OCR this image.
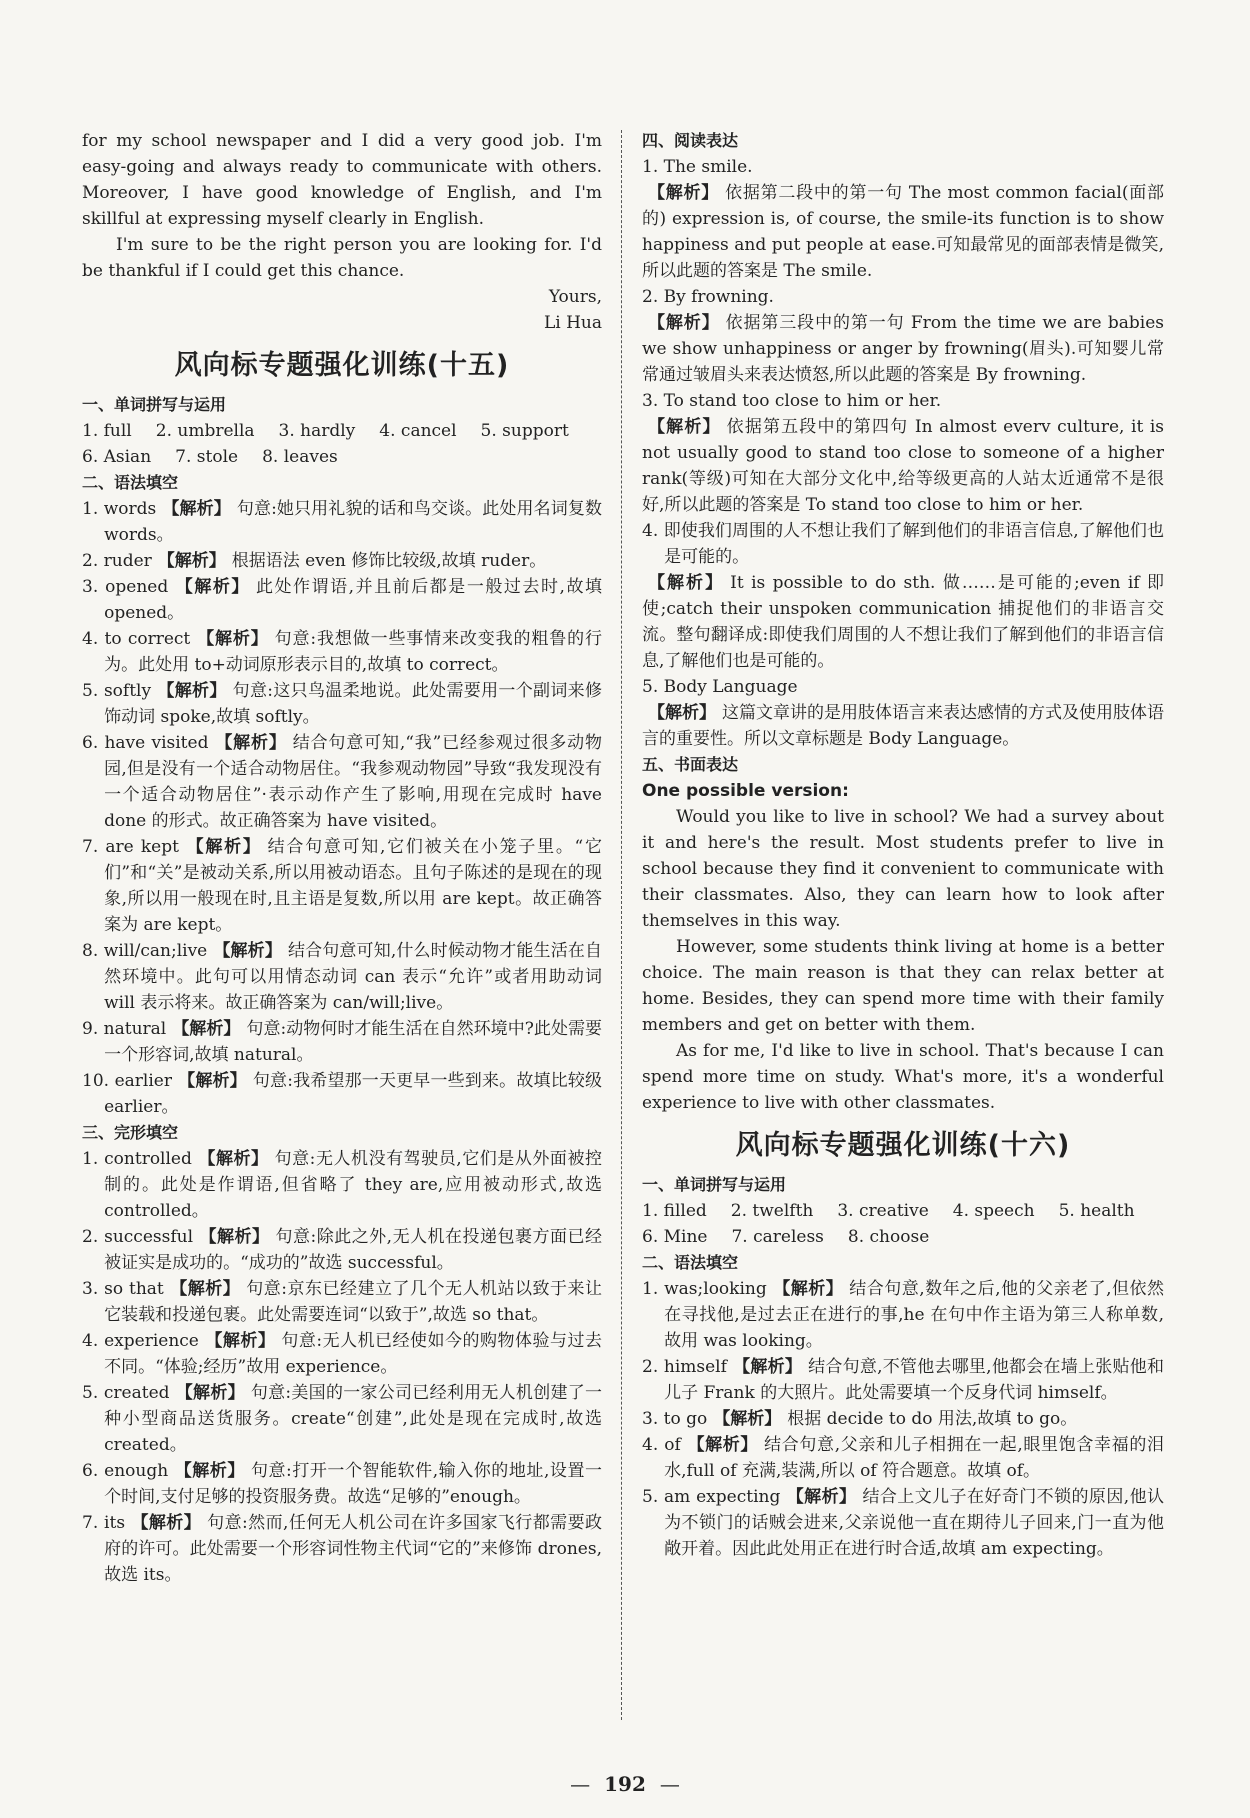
for my school newspaper and I did a very good job. I'm easy-going and always ready to communicate with others. Moreover, I have good knowledge of English, and I'm skillful at expressing myself clearly in English.

I'm sure to be the right person you are looking for. I'd be thankful if I could get this chance.

Yours,

Li Hua

风向标专题强化训练(十五)
一、单词拼写与运用
1. full 2. umbrella 3. hardly 4. cancel 5. support
6. Asian 7. stole 8. leaves
二、语法填空

1. words 【解析】 句意:她只用礼貌的话和鸟交谈。此处用名词复数 words。

2. ruder 【解析】 根据语法 even 修饰比较级,故填 ruder。

3. opened 【解析】 此处作谓语,并且前后都是一般过去时,故填 opened。

4. to correct 【解析】 句意:我想做一些事情来改变我的粗鲁的行为。此处用 to+动词原形表示目的,故填 to correct。

5. softly 【解析】 句意:这只鸟温柔地说。此处需要用一个副词来修饰动词 spoke,故填 softly。

6. have visited 【解析】 结合句意可知,“我”已经参观过很多动物园,但是没有一个适合动物居住。“我参观动物园”导致“我发现没有一个适合动物居住”·表示动作产生了影响,用现在完成时 have done 的形式。故正确答案为 have visited。

7. are kept 【解析】 结合句意可知,它们被关在小笼子里。“它们”和“关”是被动关系,所以用被动语态。且句子陈述的是现在的现象,所以用一般现在时,且主语是复数,所以用 are kept。故正确答案为 are kept。

8. will/can;live 【解析】 结合句意可知,什么时候动物才能生活在自然环境中。此句可以用情态动词 can 表示“允许”或者用助动词 will 表示将来。故正确答案为 can/will;live。

9. natural 【解析】 句意:动物何时才能生活在自然环境中?此处需要一个形容词,故填 natural。

10. earlier 【解析】 句意:我希望那一天更早一些到来。故填比较级 earlier。

三、完形填空

1. controlled 【解析】 句意:无人机没有驾驶员,它们是从外面被控制的。此处是作谓语,但省略了 they are,应用被动形式,故选 controlled。

2. successful 【解析】 句意:除此之外,无人机在投递包裹方面已经被证实是成功的。“成功的”故选 successful。

3. so that 【解析】 句意:京东已经建立了几个无人机站以致于来让它装载和投递包裹。此处需要连词“以致于”,故选 so that。

4. experience 【解析】 句意:无人机已经使如今的购物体验与过去不同。“体验;经历”故用 experience。

5. created 【解析】 句意:美国的一家公司已经利用无人机创建了一种小型商品送货服务。create“创建”,此处是现在完成时,故选 created。

6. enough 【解析】 句意:打开一个智能软件,输入你的地址,设置一个时间,支付足够的投资服务费。故选“足够的”enough。

7. its 【解析】 句意:然而,任何无人机公司在许多国家飞行都需要政府的许可。此处需要一个形容词性物主代词“它的”来修饰 drones,故选 its。

四、阅读表达

1. The smile.

【解析】 依据第二段中的第一句 The most common facial(面部的) expression is, of course, the smile-its function is to show happiness and put people at ease.可知最常见的面部表情是微笑,所以此题的答案是 The smile.

2. By frowning.

【解析】 依据第三段中的第一句 From the time we are babies we show unhappiness or anger by frowning(眉头).可知婴儿常常通过皱眉头来表达愤怒,所以此题的答案是 By frowning.

3. To stand too close to him or her.

【解析】 依据第五段中的第四句 In almost everv culture, it is not usually good to stand too close to someone of a higher rank(等级)可知在大部分文化中,给等级更高的人站太近通常不是很好,所以此题的答案是 To stand too close to him or her.

4. 即使我们周围的人不想让我们了解到他们的非语言信息,了解他们也是可能的。

【解析】 It is possible to do sth. 做……是可能的;even if 即使;catch their unspoken communication 捕捉他们的非语言交流。整句翻译成:即使我们周围的人不想让我们了解到他们的非语言信息,了解他们也是可能的。

5. Body Language

【解析】 这篇文章讲的是用肢体语言来表达感情的方式及使用肢体语言的重要性。所以文章标题是 Body Language。

五、书面表达

One possible version:

Would you like to live in school? We had a survey about it and here's the result. Most students prefer to live in school because they find it convenient to communicate with their classmates. Also, they can learn how to look after themselves in this way.

However, some students think living at home is a better choice. The main reason is that they can relax better at home. Besides, they can spend more time with their family members and get on better with them.

As for me, I'd like to live in school. That's because I can spend more time on study. What's more, it's a wonderful experience to live with other classmates.

风向标专题强化训练(十六)
一、单词拼写与运用
1. filled 2. twelfth 3. creative 4. speech 5. health
6. Mine 7. careless 8. choose
二、语法填空

1. was;looking 【解析】 结合句意,数年之后,他的父亲老了,但依然在寻找他,是过去正在进行的事,he 在句中作主语为第三人称单数,故用 was looking。

2. himself 【解析】 结合句意,不管他去哪里,他都会在墙上张贴他和儿子 Frank 的大照片。此处需要填一个反身代词 himself。

3. to go 【解析】 根据 decide to do 用法,故填 to go。

4. of 【解析】 结合句意,父亲和儿子相拥在一起,眼里饱含幸福的泪水,full of 充满,装满,所以 of 符合题意。故填 of。

5. am expecting 【解析】 结合上文儿子在好奇门不锁的原因,他认为不锁门的话贼会进来,父亲说他一直在期待儿子回来,门一直为他敞开着。因此此处用正在进行时合适,故填 am expecting。

— 192 —
